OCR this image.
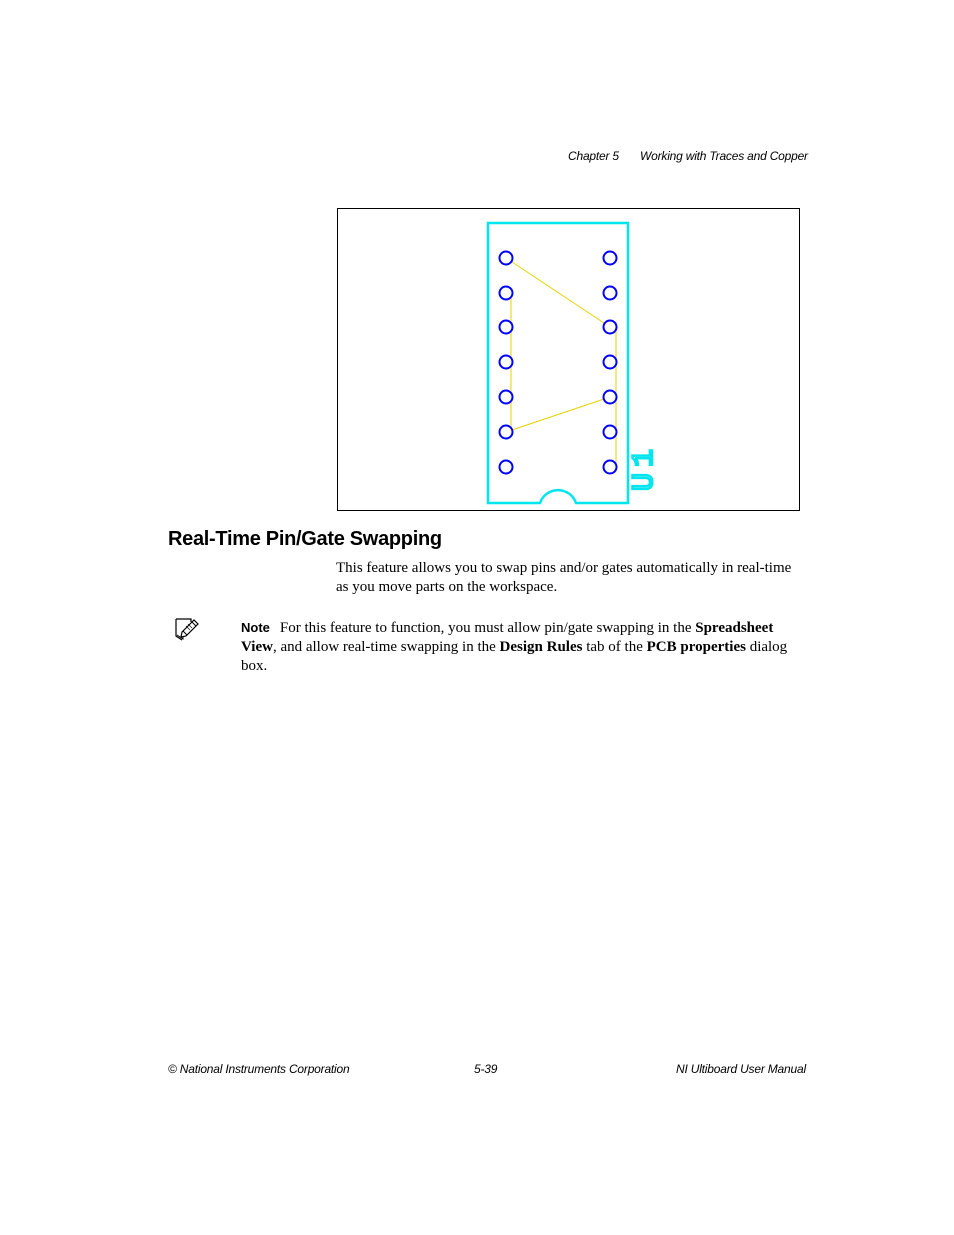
Chapter 5 Working with Traces and Copper
U1
Real-Time Pin/Gate Swapping
This feature allows you to swap pins and/or gates automatically in real-time as you move parts on the workspace.
Note For this feature to function, you must allow pin/gate swapping in the Spreadsheet View, and allow real-time swapping in the Design Rules tab of the PCB properties dialog box.
© National Instruments Corporation	5-39	NI Ultiboard User Manual
